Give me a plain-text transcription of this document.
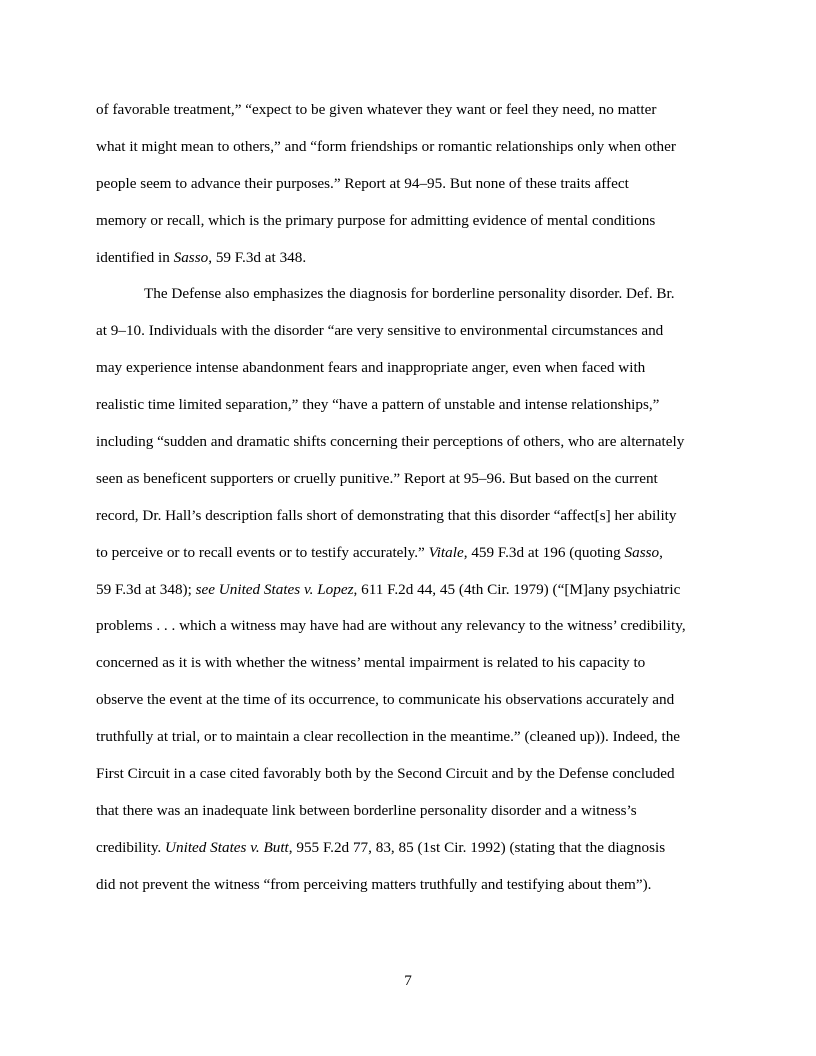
of favorable treatment,” “expect to be given whatever they want or feel they need, no matter
what it might mean to others,” and “form friendships or romantic relationships only when other
people seem to advance their purposes.” Report at 94–95. But none of these traits affect
memory or recall, which is the primary purpose for admitting evidence of mental conditions
identified in Sasso, 59 F.3d at 348.
The Defense also emphasizes the diagnosis for borderline personality disorder. Def. Br.
at 9–10. Individuals with the disorder “are very sensitive to environmental circumstances and
may experience intense abandonment fears and inappropriate anger, even when faced with
realistic time limited separation,” they “have a pattern of unstable and intense relationships,”
including “sudden and dramatic shifts concerning their perceptions of others, who are alternately
seen as beneficent supporters or cruelly punitive.” Report at 95–96. But based on the current
record, Dr. Hall’s description falls short of demonstrating that this disorder “affect[s] her ability
to perceive or to recall events or to testify accurately.” Vitale, 459 F.3d at 196 (quoting Sasso,
59 F.3d at 348); see United States v. Lopez, 611 F.2d 44, 45 (4th Cir. 1979) (“[M]any psychiatric
problems . . . which a witness may have had are without any relevancy to the witness’ credibility,
concerned as it is with whether the witness’ mental impairment is related to his capacity to
observe the event at the time of its occurrence, to communicate his observations accurately and
truthfully at trial, or to maintain a clear recollection in the meantime.” (cleaned up)). Indeed, the
First Circuit in a case cited favorably both by the Second Circuit and by the Defense concluded
that there was an inadequate link between borderline personality disorder and a witness’s
credibility. United States v. Butt, 955 F.2d 77, 83, 85 (1st Cir. 1992) (stating that the diagnosis
did not prevent the witness “from perceiving matters truthfully and testifying about them”).
7
